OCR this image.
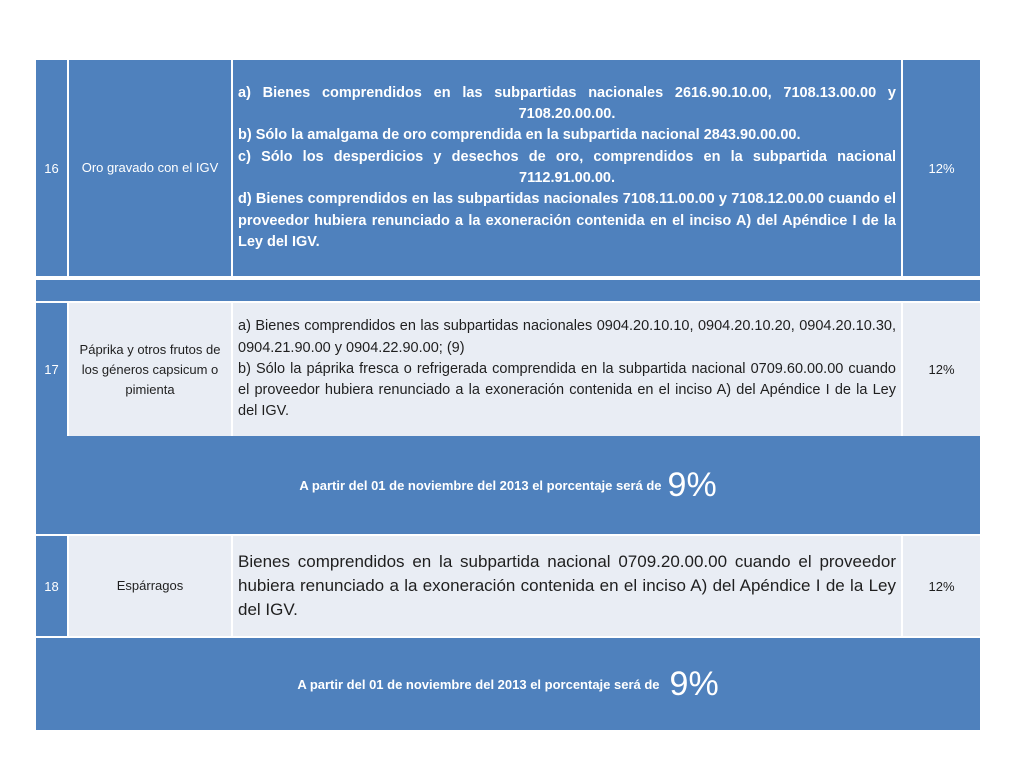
16 Oro gravado con el IGV
a) Bienes comprendidos en las subpartidas nacionales 2616.90.10.00, 7108.13.00.00 y 7108.20.00.00.
b) Sólo la amalgama de oro comprendida en la subpartida nacional 2843.90.00.00.
c) Sólo los desperdicios y desechos de oro, comprendidos en la subpartida nacional 7112.91.00.00.
d) Bienes comprendidos en las subpartidas nacionales 7108.11.00.00 y 7108.12.00.00 cuando el proveedor hubiera renunciado a la exoneración contenida en el inciso A) del Apéndice I de la Ley del IGV.
12%
17
Páprika y otros frutos de los géneros capsicum o pimienta
a) Bienes comprendidos en las subpartidas nacionales 0904.20.10.10, 0904.20.10.20, 0904.20.10.30, 0904.21.90.00 y 0904.22.90.00; (9)
b) Sólo la páprika fresca o refrigerada comprendida en la subpartida nacional 0709.60.00.00 cuando el proveedor hubiera renunciado a la exoneración contenida en el inciso A) del Apéndice I de la Ley del IGV.
12%
A partir del 01 de noviembre del 2013 el porcentaje será de 9%
18	Espárragos
Bienes comprendidos en la subpartida nacional 0709.20.00.00 cuando el proveedor hubiera renunciado a la exoneración contenida en el inciso A) del Apéndice I de la Ley del IGV.
12%
A partir del 01 de noviembre del 2013 el porcentaje será de 9%
